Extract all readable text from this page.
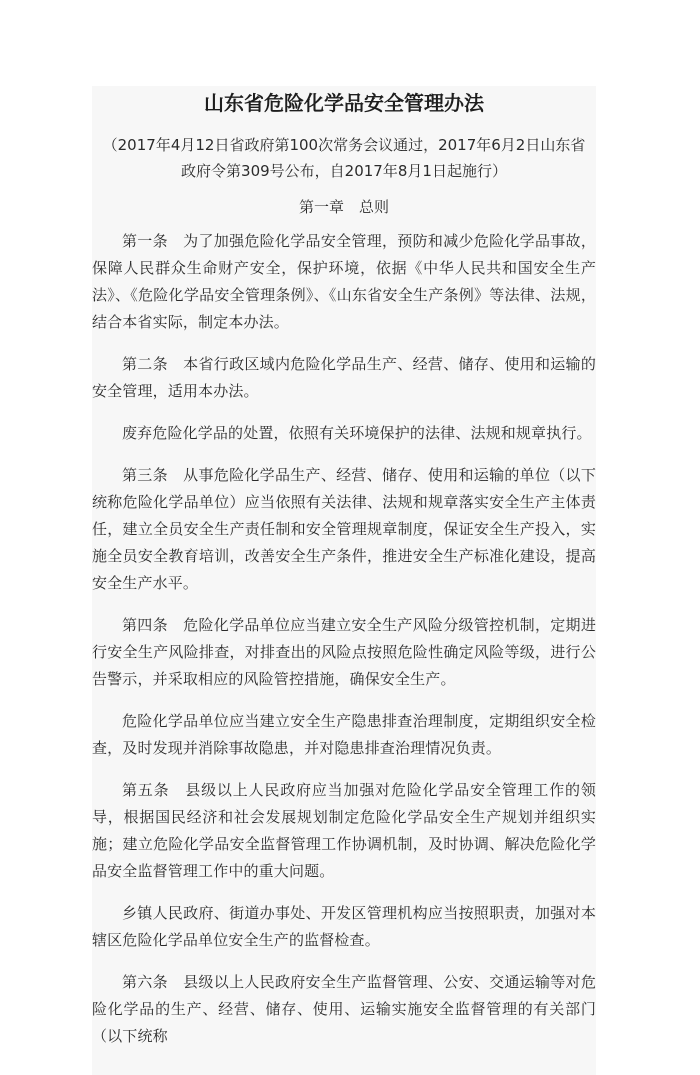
山东省危险化学品安全管理办法
（2017年4月12日省政府第100次常务会议通过，2017年6月2日山东省政府令第309号公布，自2017年8月1日起施行）
第一章　总则

第一条　为了加强危险化学品安全管理，预防和减少危险化学品事故，保障人民群众生命财产安全，保护环境，依据《中华人民共和国安全生产法》、《危险化学品安全管理条例》、《山东省安全生产条例》等法律、法规，结合本省实际，制定本办法。

第二条　本省行政区域内危险化学品生产、经营、储存、使用和运输的安全管理，适用本办法。

废弃危险化学品的处置，依照有关环境保护的法律、法规和规章执行。

第三条　从事危险化学品生产、经营、储存、使用和运输的单位（以下统称危险化学品单位）应当依照有关法律、法规和规章落实安全生产主体责任，建立全员安全生产责任制和安全管理规章制度，保证安全生产投入，实施全员安全教育培训，改善安全生产条件，推进安全生产标准化建设，提高安全生产水平。

第四条　危险化学品单位应当建立安全生产风险分级管控机制，定期进行安全生产风险排查，对排查出的风险点按照危险性确定风险等级，进行公告警示，并采取相应的风险管控措施，确保安全生产。

危险化学品单位应当建立安全生产隐患排查治理制度，定期组织安全检查，及时发现并消除事故隐患，并对隐患排查治理情况负责。

第五条　县级以上人民政府应当加强对危险化学品安全管理工作的领导，根据国民经济和社会发展规划制定危险化学品安全生产规划并组织实施；建立危险化学品安全监督管理工作协调机制，及时协调、解决危险化学品安全监督管理工作中的重大问题。

乡镇人民政府、街道办事处、开发区管理机构应当按照职责，加强对本辖区危险化学品单位安全生产的监督检查。

第六条　县级以上人民政府安全生产监督管理、公安、交通运输等对危险化学品的生产、经营、储存、使用、运输实施安全监督管理的有关部门（以下统称
